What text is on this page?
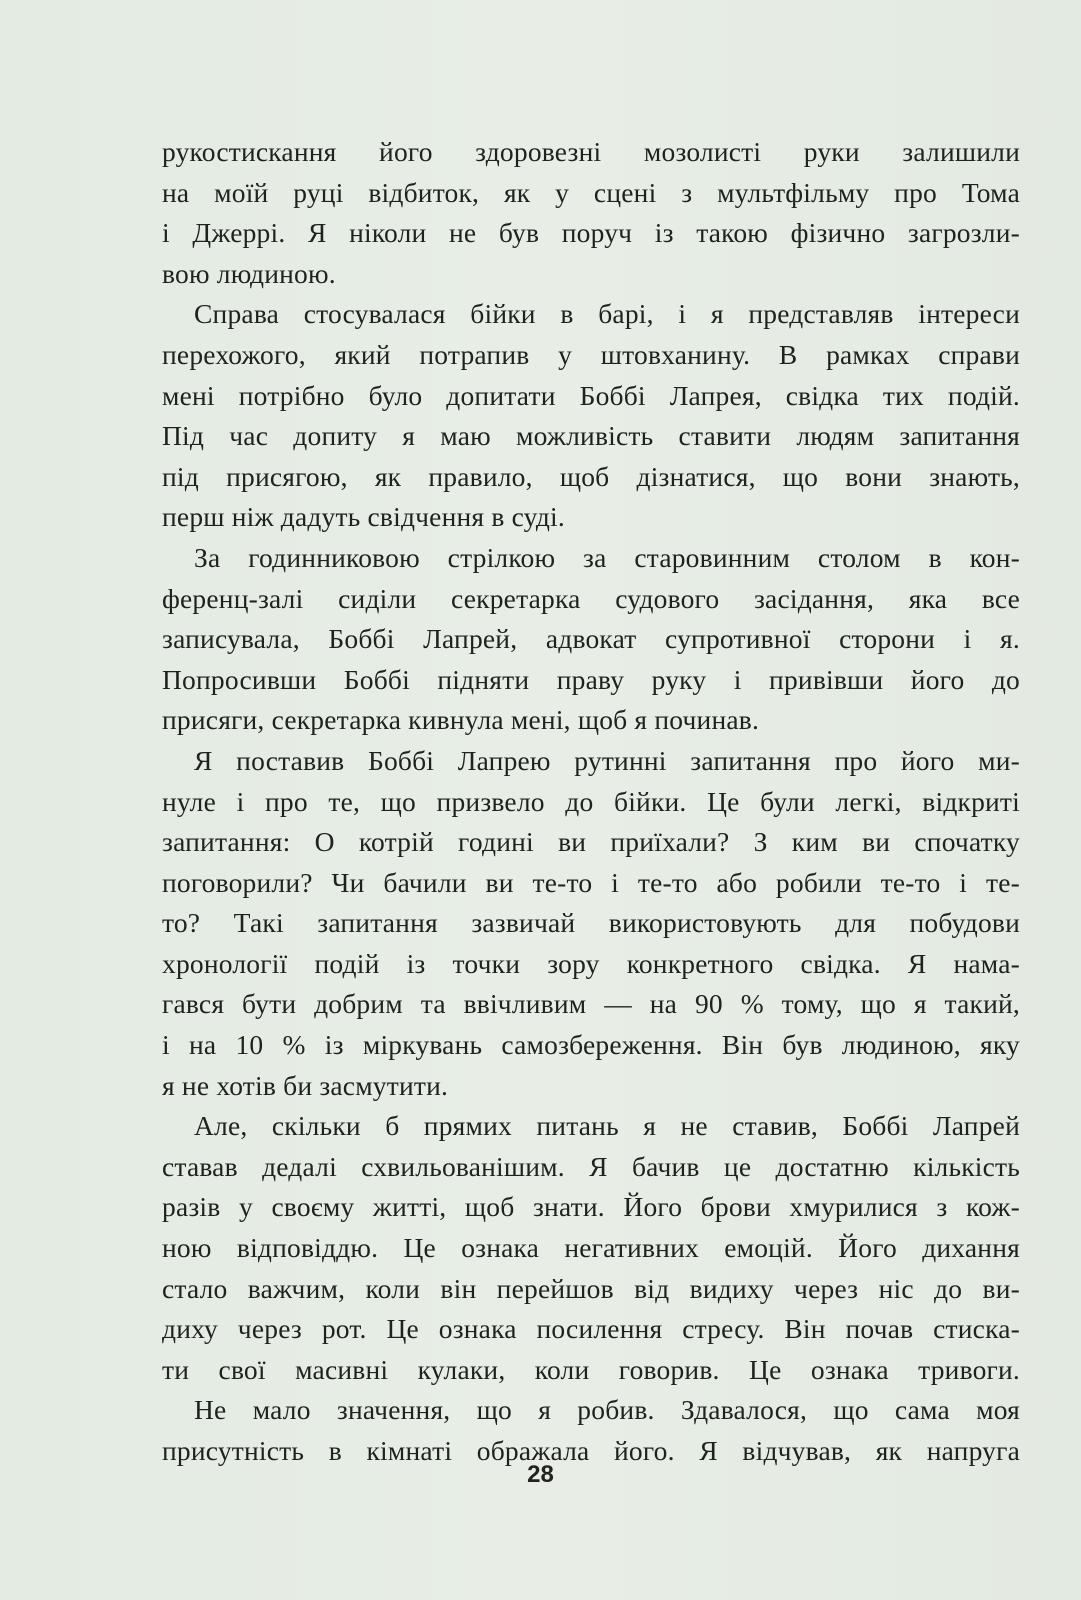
рукостискання його здоровезні мозолисті руки залишили
на моїй руці відбиток, як у сцені з мультфільму про Тома
і Джеррі. Я ніколи не був поруч із такою фізично загрозли-
вою людиною.
Справа стосувалася бійки в барі, і я представляв інтереси
перехожого, який потрапив у штовханину. В рамках справи
мені потрібно було допитати Боббі Лапрея, свідка тих подій.
Під час допиту я маю можливість ставити людям запитання
під присягою, як правило, щоб дізнатися, що вони знають,
перш ніж дадуть свідчення в суді.
За годинниковою стрілкою за старовинним столом в кон-
ференц-залі сиділи секретарка судового засідання, яка все
записувала, Боббі Лапрей, адвокат супротивної сторони і я.
Попросивши Боббі підняти праву руку і привівши його до
присяги, секретарка кивнула мені, щоб я починав.
Я поставив Боббі Лапрею рутинні запитання про його ми-
нуле і про те, що призвело до бійки. Це були легкі, відкриті
запитання: О котрій годині ви приїхали? З ким ви спочатку
поговорили? Чи бачили ви те-то і те-то або робили те-то і те-
то? Такі запитання зазвичай використовують для побудови
хронології подій із точки зору конкретного свідка. Я нама-
гався бути добрим та ввічливим — на 90 % тому, що я такий,
і на 10 % із міркувань самозбереження. Він був людиною, яку
я не хотів би засмутити.
Але, скільки б прямих питань я не ставив, Боббі Лапрей
ставав дедалі схвильованішим. Я бачив це достатню кількість
разів у своєму житті, щоб знати. Його брови хмурилися з кож-
ною відповіддю. Це ознака негативних емоцій. Його дихання
стало важчим, коли він перейшов від видиху через ніс до ви-
диху через рот. Це ознака посилення стресу. Він почав стиска-
ти свої масивні кулаки, коли говорив. Це ознака тривоги.
Не мало значення, що я робив. Здавалося, що сама моя
присутність в кімнаті ображала його. Я відчував, як напруга
28
